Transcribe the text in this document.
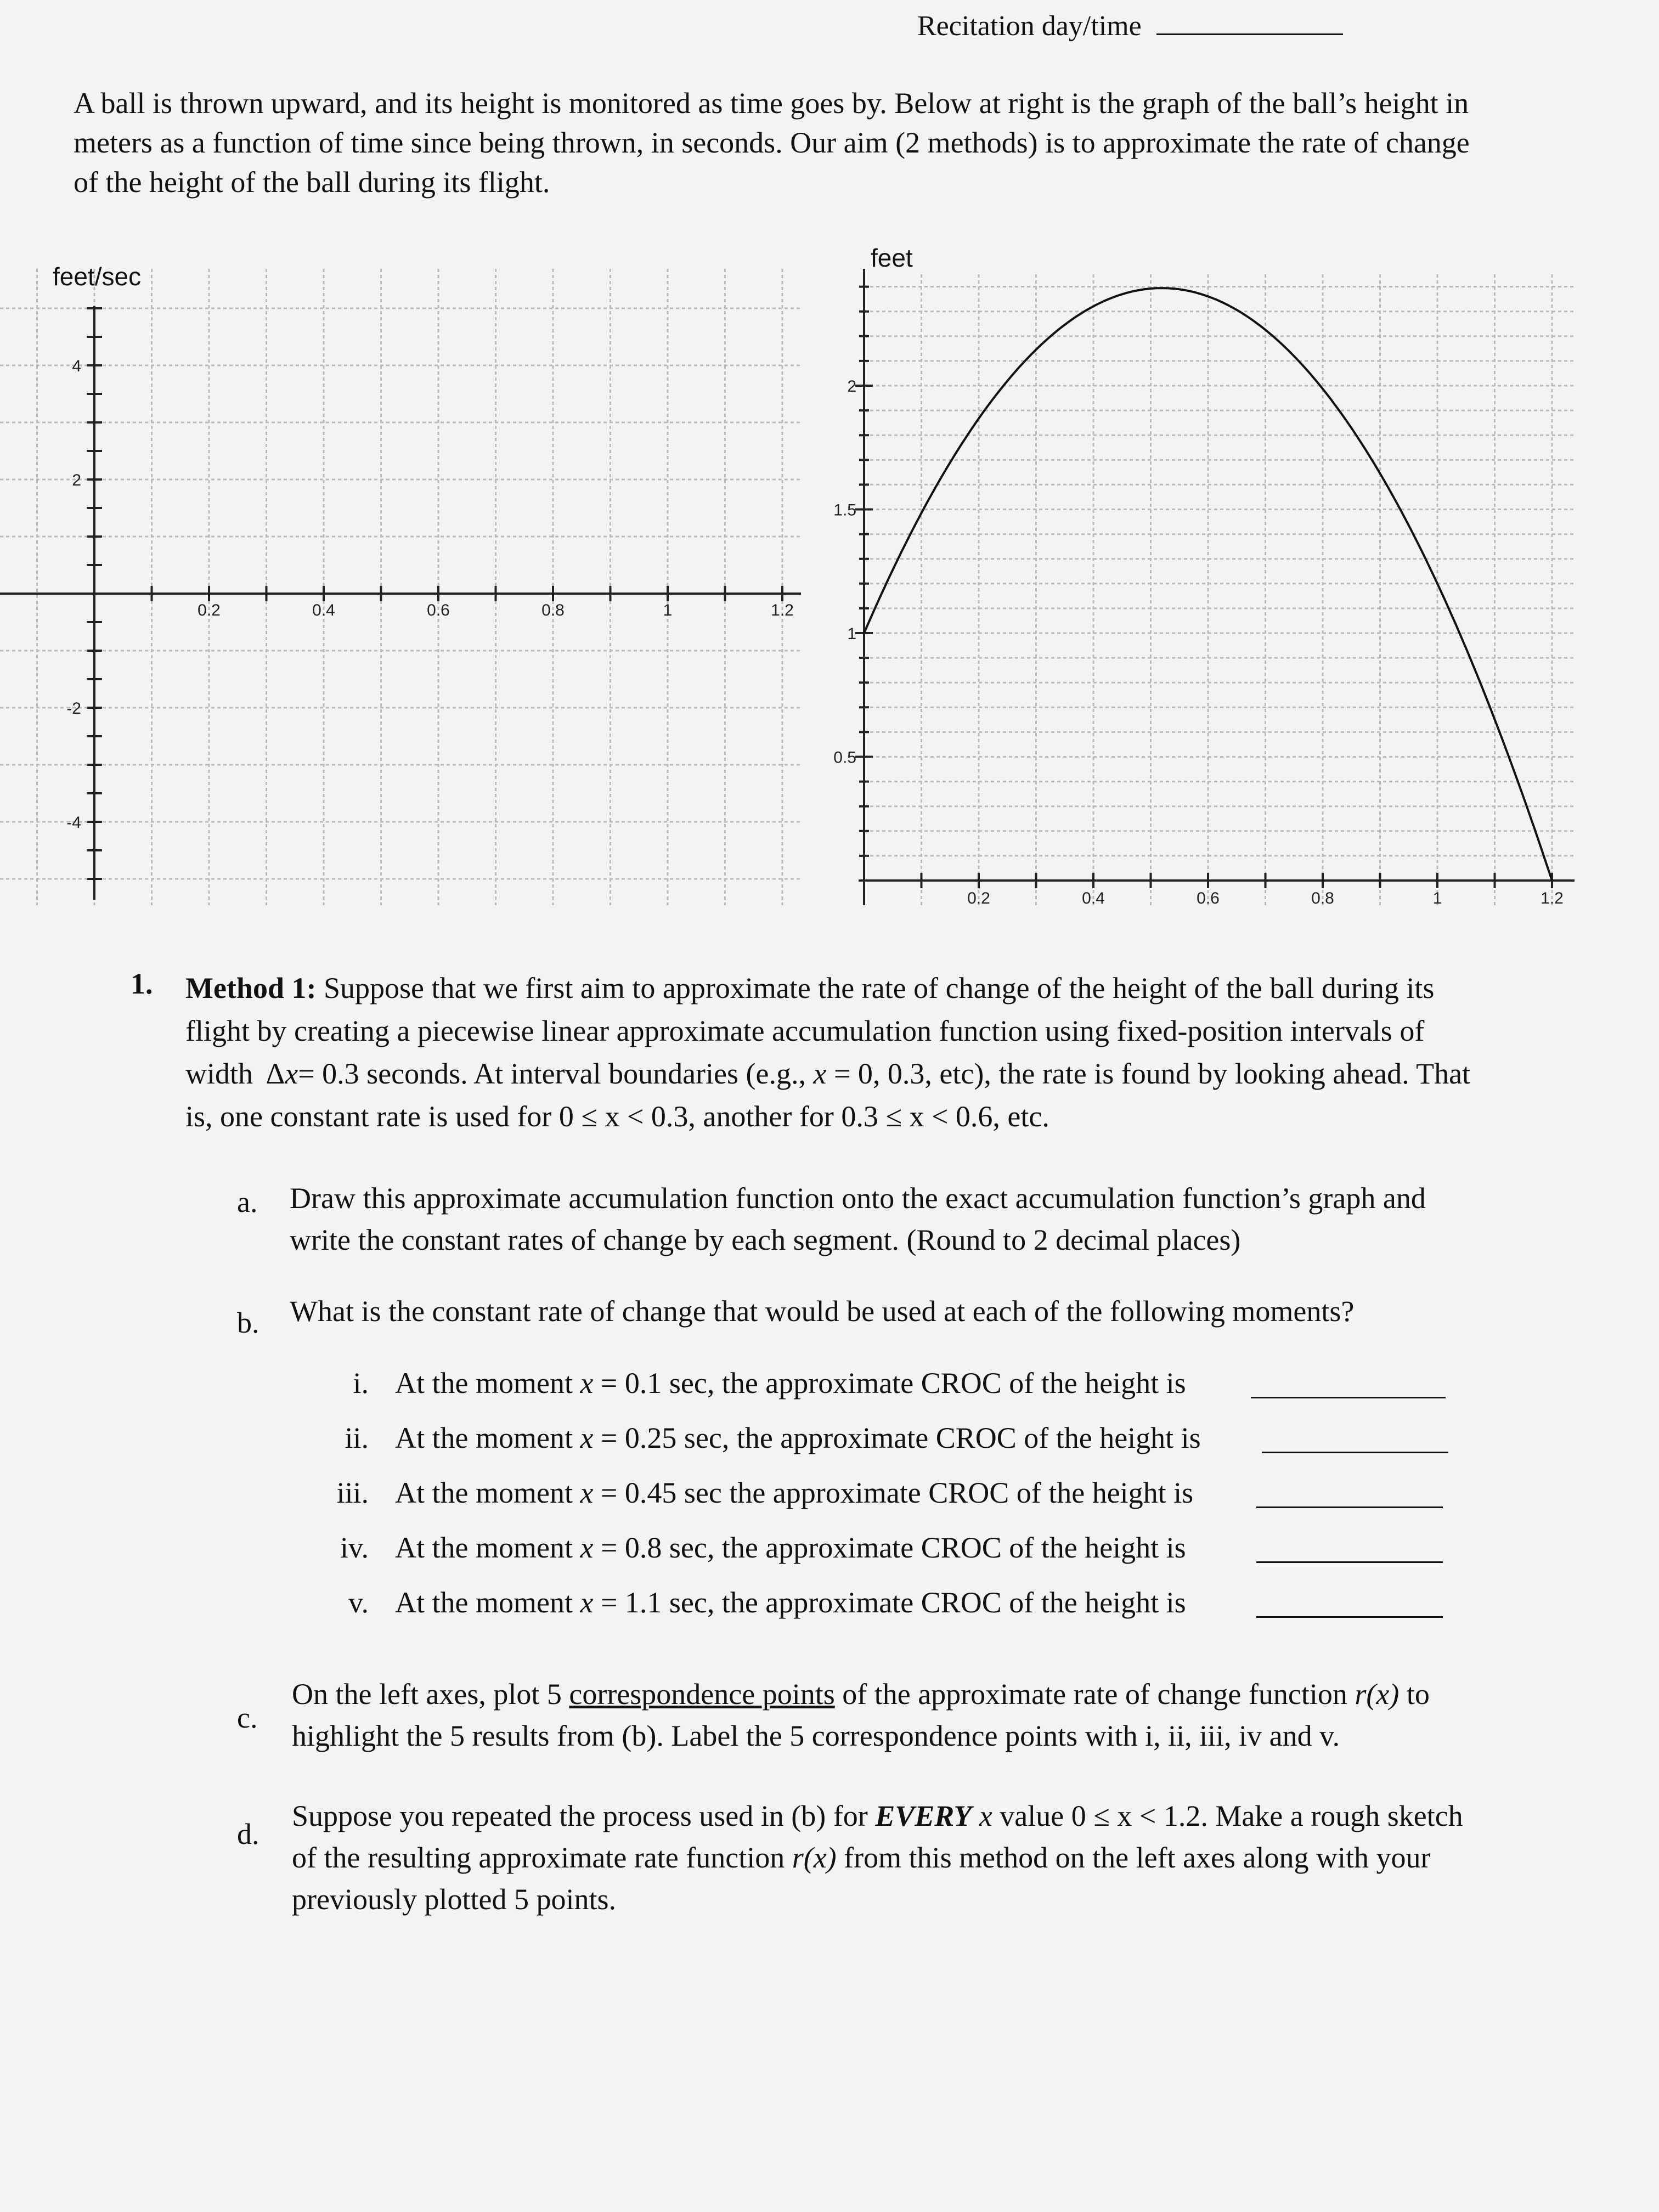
Recitation day/time
A ball is thrown upward, and its height is monitored as time goes by. Below at right is the graph of the ball’s height in meters as a function of time since being thrown, in seconds. Our aim (2 methods) is to approximate the rate of change of the height of the ball during its flight.
0.2	0.4	0.6	0.8	1	1.2
4
2
-2
-4
feet/sec
0.2	0.4	0.6	0.8	1	1.2
2
1.5
1
0.5
feet
1. Method 1: Suppose that we first aim to approximate the rate of change of the height of the ball during its flight by creating a piecewise linear approximate accumulation function using fixed-position intervals of width Δx= 0.3 seconds. At interval boundaries (e.g., x = 0, 0.3, etc), the rate is found by looking ahead. That is, one constant rate is used for 0 ≤ x < 0.3, another for 0.3 ≤ x < 0.6, etc.
a. Draw this approximate accumulation function onto the exact accumulation function’s graph and write the constant rates of change by each segment. (Round to 2 decimal places)
b. What is the constant rate of change that would be used at each of the following moments?
i. At the moment x = 0.1 sec, the approximate CROC of the height is
ii. At the moment x = 0.25 sec, the approximate CROC of the height is
iii. At the moment x = 0.45 sec the approximate CROC of the height is
iv. At the moment x = 0.8 sec, the approximate CROC of the height is
v. At the moment x = 1.1 sec, the approximate CROC of the height is
c.
On the left axes, plot 5 correspondence points of the approximate rate of change function r(x) to highlight the 5 results from (b). Label the 5 correspondence points with i, ii, iii, iv and v.
d.
Suppose you repeated the process used in (b) for EVERY x value 0 ≤ x < 1.2. Make a rough sketch of the resulting approximate rate function r(x) from this method on the left axes along with your previously plotted 5 points.
